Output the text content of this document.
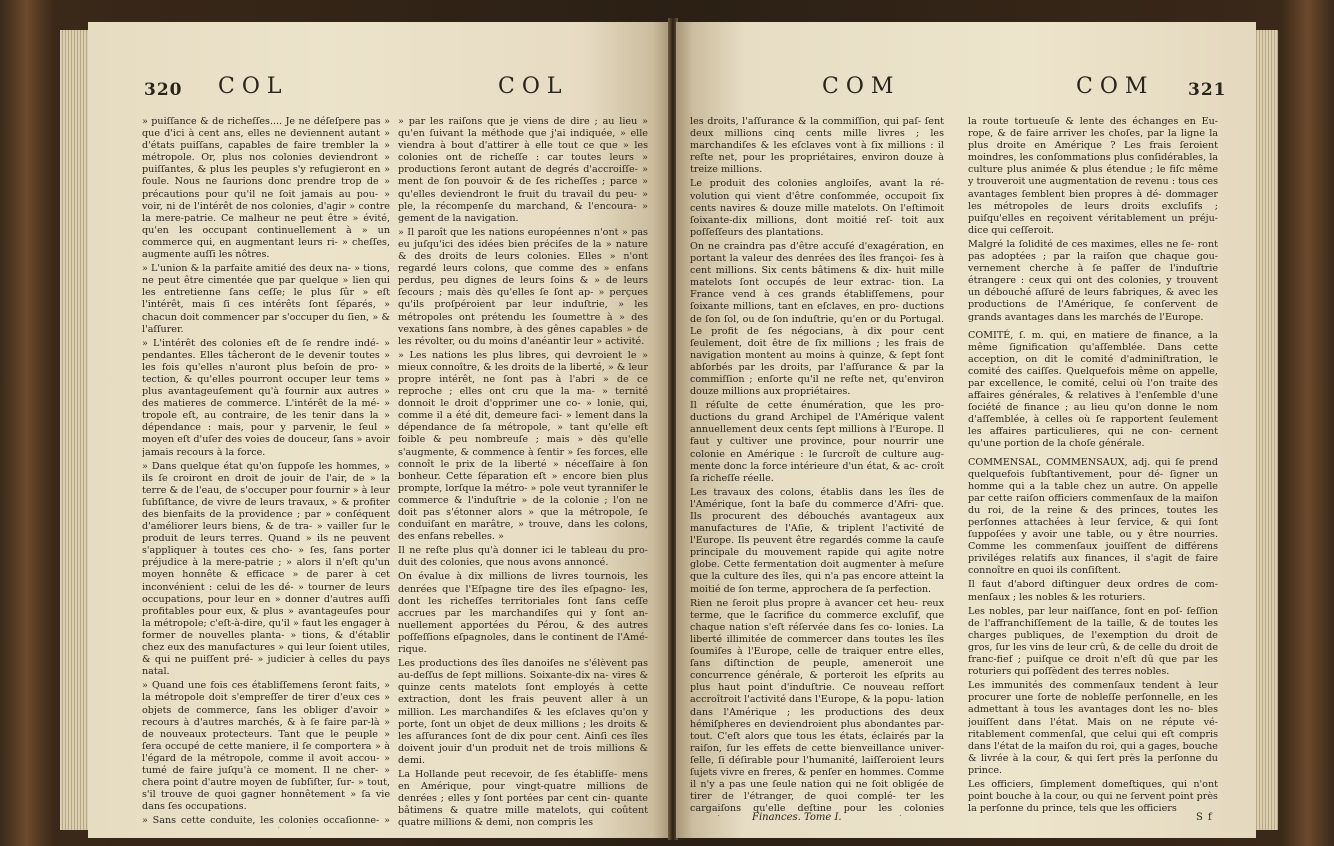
320 COL	COL

» puiſſance & de richeſſes.... Je ne déſeſpere pas » que d'ici à cent ans, elles ne deviennent autant » d'états puiſſans, capables de faire trembler la » métropole. Or, plus nos colonies deviendront » puiſſantes, & plus les peuples s'y refugieront en » foule. Nous ne ſaurions donc prendre trop de » précautions pour qu'il ne ſoit jamais au pou- » voir, ni de l'intérêt de nos colonies, d'agir » contre la mere-patrie. Ce malheur ne peut être » évité, qu'en les occupant continuellement à » un commerce qui, en augmentant leurs ri- » cheſſes, augmente auſſi les nôtres.

» L'union & la parfaite amitié des deux na- » tions, ne peut être cimentée que par quelque » lien qui les entretienne ſans ceſſe; le plus ſûr » eſt l'intérêt, mais ſi ces intérêts ſont ſéparés, » chacun doit commencer par s'occuper du ſien, » & l'aſſurer.

» L'intérêt des colonies eſt de ſe rendre indé- » pendantes. Elles tâcheront de le devenir toutes » les fois qu'elles n'auront plus beſoin de pro- » tection, & qu'elles pourront occuper leur tems » plus avantageuſement qu'à fournir aux autres » des matieres de commerce. L'intérêt de la mé- » tropole eſt, au contraire, de les tenir dans la » dépendance : mais, pour y parvenir, le ſeul » moyen eſt d'uſer des voies de douceur, ſans » avoir jamais recours à la force.

» Dans quelque état qu'on ſuppoſe les hommes, » ils ſe croiront en droit de jouir de l'air, de » la terre & de l'eau, de s'occuper pour fournir » à leur ſubſiſtance, de vivre de leurs travaux, » & profiter des bienfaits de la providence ; par » conſéquent d'améliorer leurs biens, & de tra- » vailler ſur le produit de leurs terres. Quand » ils ne peuvent s'appliquer à toutes ces cho- » ſes, ſans porter préjudice à la mere-patrie ; » alors il n'eſt qu'un moyen honnête & efficace » de parer à cet inconvénient : celui de les dé- » tourner de leurs occupations, pour leur en » donner d'autres auſſi profitables pour eux, & plus » avantageuſes pour la métropole; c'eſt-à-dire, qu'il » faut les engager à former de nouvelles planta- » tions, & d'établir chez eux des manufactures » qui leur ſoient utiles, & qui ne puiſſent pré- » judicier à celles du pays natal.

» Quand une fois ces établiſſemens ſeront faits, » la métropole doit s'empreſſer de tirer d'eux ces » objets de commerce, ſans les obliger d'avoir » recours à d'autres marchés, & à ſe faire par-là » de nouveaux protecteurs. Tant que le peuple » ſera occupé de cette maniere, il ſe comportera » à l'égard de la métropole, comme il avoit accou- » tumé de faire juſqu'à ce moment. Il ne cher- » chera point d'autre moyen de ſubſiſter, ſur- » tout, s'il trouve de quoi gagner honnêtement » ſa vie dans ſes occupations.

» Sans cette conduite, les colonies occaſionne- »

» par les raiſons que je viens de dire ; au lieu » qu'en ſuivant la méthode que j'ai indiquée, » elle viendra à bout d'attirer à elle tout ce que » les colonies ont de richeſſe : car toutes leurs » productions ſeront autant de degrés d'accroiſſe- » ment de ſon pouvoir & de ſes richeſſes ; parce » qu'elles deviendront le fruit du travail du peu- » ple, la récompenſe du marchand, & l'encoura- » gement de la navigation.

» Il paroît que les nations européennes n'ont » pas eu juſqu'ici des idées bien préciſes de la » nature & des droits de leurs colonies. Elles » n'ont regardé leurs colons, que comme des » enfans perdus, peu dignes de leurs ſoins & » de leurs ſecours ; mais dès qu'elles ſe ſont ap- » perçues qu'ils proſpéroient par leur induſtrie, » les métropoles ont prétendu les ſoumettre à » des vexations ſans nombre, à des gênes capables » de les révolter, ou du moins d'anéantir leur » activité.

» Les nations les plus libres, qui devroient le » mieux connoître, & les droits de la liberté, » & leur propre intérêt, ne ſont pas à l'abri » de ce reproche ; elles ont cru que la ma- » ternité donnoit le droit d'opprimer une co- » lonie, qui, comme il a été dit, demeure faci- » lement dans la dépendance de ſa métropole, » tant qu'elle eſt foible & peu nombreuſe ; mais » dès qu'elle s'augmente, & commence à ſentir » ſes forces, elle connoît le prix de la liberté » néceſſaire à ſon bonheur. Cette ſéparation eſt » encore bien plus prompte, lorſque la métro- » pole veut tyranniſer le commerce & l'induſtrie » de la colonie ; l'on ne doit pas s'étonner alors » que la métropole, ſe conduiſant en marâtre, » trouve, dans les colons, des enfans rebelles. »

Il ne reſte plus qu'à donner ici le tableau du pro- duit des colonies, que nous avons annoncé.

On évalue à dix millions de livres tournois, les denrées que l'Eſpagne tire des îles eſpagno- les, dont les richeſſes territoriales ſont ſans ceſſe accrues par les marchandiſes qui y ſont an- nuellement apportées du Pérou, & des autres poſſeſſions eſpagnoles, dans le continent de l'Amé- rique.

Les productions des îles danoiſes ne s'élèvent pas au-deſſus de ſept millions. Soixante-dix na- vires & quinze cents matelots ſont employés à cette extraction, dont les frais peuvent aller à un million. Les marchandiſes & les eſclaves qu'on y porte, ſont un objet de deux millions ; les droits & les aſſurances ſont de dix pour cent. Ainſi ces îles doivent jouir d'un produit net de trois millions & demi.

La Hollande peut recevoir, de ſes établiſſe- mens en Amérique, pour vingt-quatre millions de denrées ; elles y ſont portées par cent cin- quante bâtimens & quatre mille matelots, qui coûtent quatre millions & demi, non compris les

COM	COM 321

les droits, l'aſſurance & la commiſſion, qui paſ- ſent deux millions cinq cents mille livres ; les marchandiſes & les eſclaves vont à ſix millions : il reſte net, pour les propriétaires, environ douze à treize millions.

Le produit des colonies angloiſes, avant la ré- volution qui vient d'être conſommée, occupoit ſix cents navires & douze mille matelots. On l'eſtimoit ſoixante-dix millions, dont moitié reſ- toit aux poſſeſſeurs des plantations.

On ne craindra pas d'être accuſé d'exagération, en portant la valeur des denrées des îles françoi- ſes à cent millions. Six cents bâtimens & dix- huit mille matelots ſont occupés de leur extrac- tion. La France vend à ces grands établiſſemens, pour ſoixante millions, tant en eſclaves, en pro- ductions de ſon ſol, ou de ſon induſtrie, qu'en or du Portugal. Le profit de ſes négocians, à dix pour cent ſeulement, doit être de ſix millions ; les frais de navigation montent au moins à quinze, & ſept ſont abſorbés par les droits, par l'aſſurance & par la commiſſion ; enſorte qu'il ne reſte net, qu'environ douze millions aux propriétaires.

Il réſulte de cette énumération, que les pro- ductions du grand Archipel de l'Amérique valent annuellement deux cents ſept millions à l'Europe. Il faut y cultiver une province, pour nourrir une colonie en Amérique : le ſurcroît de culture aug- mente donc la force intérieure d'un état, & ac- croît ſa richeſſe réelle.

Les travaux des colons, établis dans les îles de l'Amérique, ſont la baſe du commerce d'Afri- que. Ils procurent des débouchés avantageux aux manufactures de l'Aſie, & triplent l'activité de l'Europe. Ils peuvent être regardés comme la cauſe principale du mouvement rapide qui agite notre globe. Cette fermentation doit augmenter à meſure que la culture des îles, qui n'a pas encore atteint la moitié de ſon terme, approchera de ſa perfection.

Rien ne ſeroit plus propre à avancer cet heu- reux terme, que le ſacrifice du commerce excluſif, que chaque nation s'eſt réſervée dans ſes co- lonies. La liberté illimitée de commercer dans toutes les îles ſoumiſes à l'Europe, celle de traiquer entre elles, ſans diſtinction de peuple, ameneroit une concurrence générale, & porteroit les eſprits au plus haut point d'induſtrie. Ce nouveau reſſort accroîtroit l'activité dans l'Europe, & la popu- lation dans l'Amérique ; les productions des deux hémiſpheres en deviendroient plus abondantes par- tout. C'eſt alors que tous les états, éclairés par la raiſon, ſur les effets de cette bienveillance univer- ſelle, ſi déſirable pour l'humanité, laiſſeroient leurs ſujets vivre en freres, & penſer en hommes. Comme il n'y a pas une ſeule nation qui ne ſoit obligée de tirer de l'étranger, de quoi complé- ter les cargaiſons qu'elle deſtine pour les colonies

Finances. Tome I.

la route tortueuſe & lente des échanges en Eu- rope, & de faire arriver les choſes, par la ligne la plus droite en Amérique ? Les frais ſeroient moindres, les conſommations plus conſidérables, la culture plus animée & plus étendue ; le fiſc même y trouveroit une augmentation de revenu : tous ces avantages ſemblent bien propres à dé- dommager les métropoles de leurs droits excluſifs ; puiſqu'elles en reçoivent véritablement un préju- dice qui ceſſeroit.

Malgré la ſolidité de ces maximes, elles ne ſe- ront pas adoptées ; par la raiſon que chaque gou- vernement cherche à ſe paſſer de l'induſtrie étrangere : ceux qui ont des colonies, y trouvent un débouché aſſuré de leurs fabriques, & avec les productions de l'Amérique, ſe conſervent de grands avantages dans les marchés de l'Europe.

COMITÉ, ſ. m. qui, en matiere de finance, a la même ſignification qu'aſſemblée. Dans cette acception, on dit le comité d'adminiſtration, le comité des caiſſes. Quelquefois même on appelle, par excellence, le comité, celui où l'on traite des affaires générales, & relatives à l'enſemble d'une ſociété de finance ; au lieu qu'on donne le nom d'aſſemblée, à celles où ſe rapportent ſeulement les affaires particulieres, qui ne con- cernent qu'une portion de la choſe générale.

COMMENSAL, COMMENSAUX, adj. qui ſe prend quelquefois ſubſtantivement, pour dé- ſigner un homme qui a la table chez un autre. On appelle par cette raiſon officiers commenſaux de la maiſon du roi, de la reine & des princes, toutes les perſonnes attachées à leur ſervice, & qui ſont ſuppoſées y avoir une table, ou y être nourries. Comme les commenſaux jouiſſent de différens priviléges relatifs aux finances, il s'agit de faire connoître en quoi ils conſiſtent.

Il faut d'abord diſtinguer deux ordres de com- menſaux ; les nobles & les roturiers.

Les nobles, par leur naiſſance, ſont en poſ- ſeſſion de l'affranchiſſement de la taille, & de toutes les charges publiques, de l'exemption du droit de gros, ſur les vins de leur crû, & de celle du droit de franc-fief ; puiſque ce droit n'eſt dû que par les roturiers qui poſſèdent des terres nobles.

Les immunités des commenſaux tendent à leur procurer une ſorte de nobleſſe perſonnelle, en les admettant à tous les avantages dont les no- bles jouiſſent dans l'état. Mais on ne répute vé- ritablement commenſal, que celui qui eſt compris dans l'état de la maiſon du roi, qui a gages, bouche & livrée à la cour, & qui ſert près la perſonne du prince.

Les officiers, ſimplement domeſtiques, qui n'ont point bouche à la cour, ou qui ne ſervent point près la perſonne du prince, tels que les officiers

S f
